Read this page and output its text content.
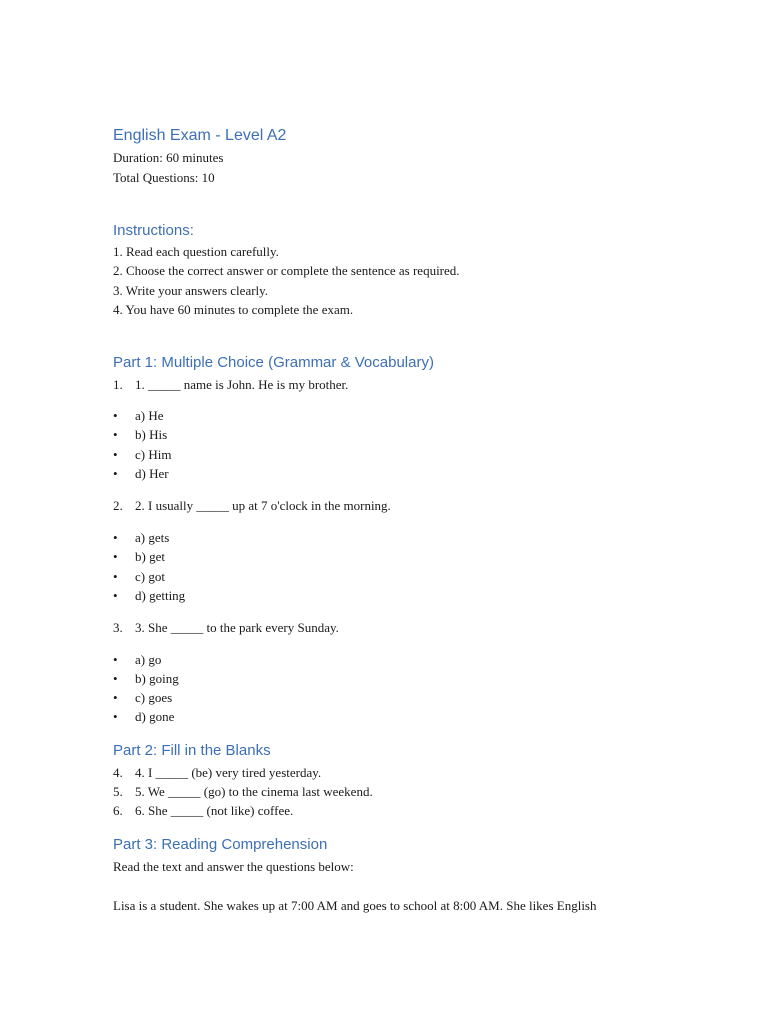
English Exam - Level A2
Duration: 60 minutes
Total Questions: 10
Instructions:
1. Read each question carefully.
2. Choose the correct answer or complete the sentence as required.
3. Write your answers clearly.
4. You have 60 minutes to complete the exam.
Part 1: Multiple Choice (Grammar & Vocabulary)
1. 1. _____ name is John. He is my brother.
• a) He
• b) His
• c) Him
• d) Her
2. 2. I usually _____ up at 7 o'clock in the morning.
• a) gets
• b) get
• c) got
• d) getting
3. 3. She _____ to the park every Sunday.
• a) go
• b) going
• c) goes
• d) gone
Part 2: Fill in the Blanks
4. 4. I _____ (be) very tired yesterday.
5. 5. We _____ (go) to the cinema last weekend.
6. 6. She _____ (not like) coffee.
Part 3: Reading Comprehension
Read the text and answer the questions below:
Lisa is a student. She wakes up at 7:00 AM and goes to school at 8:00 AM. She likes English
